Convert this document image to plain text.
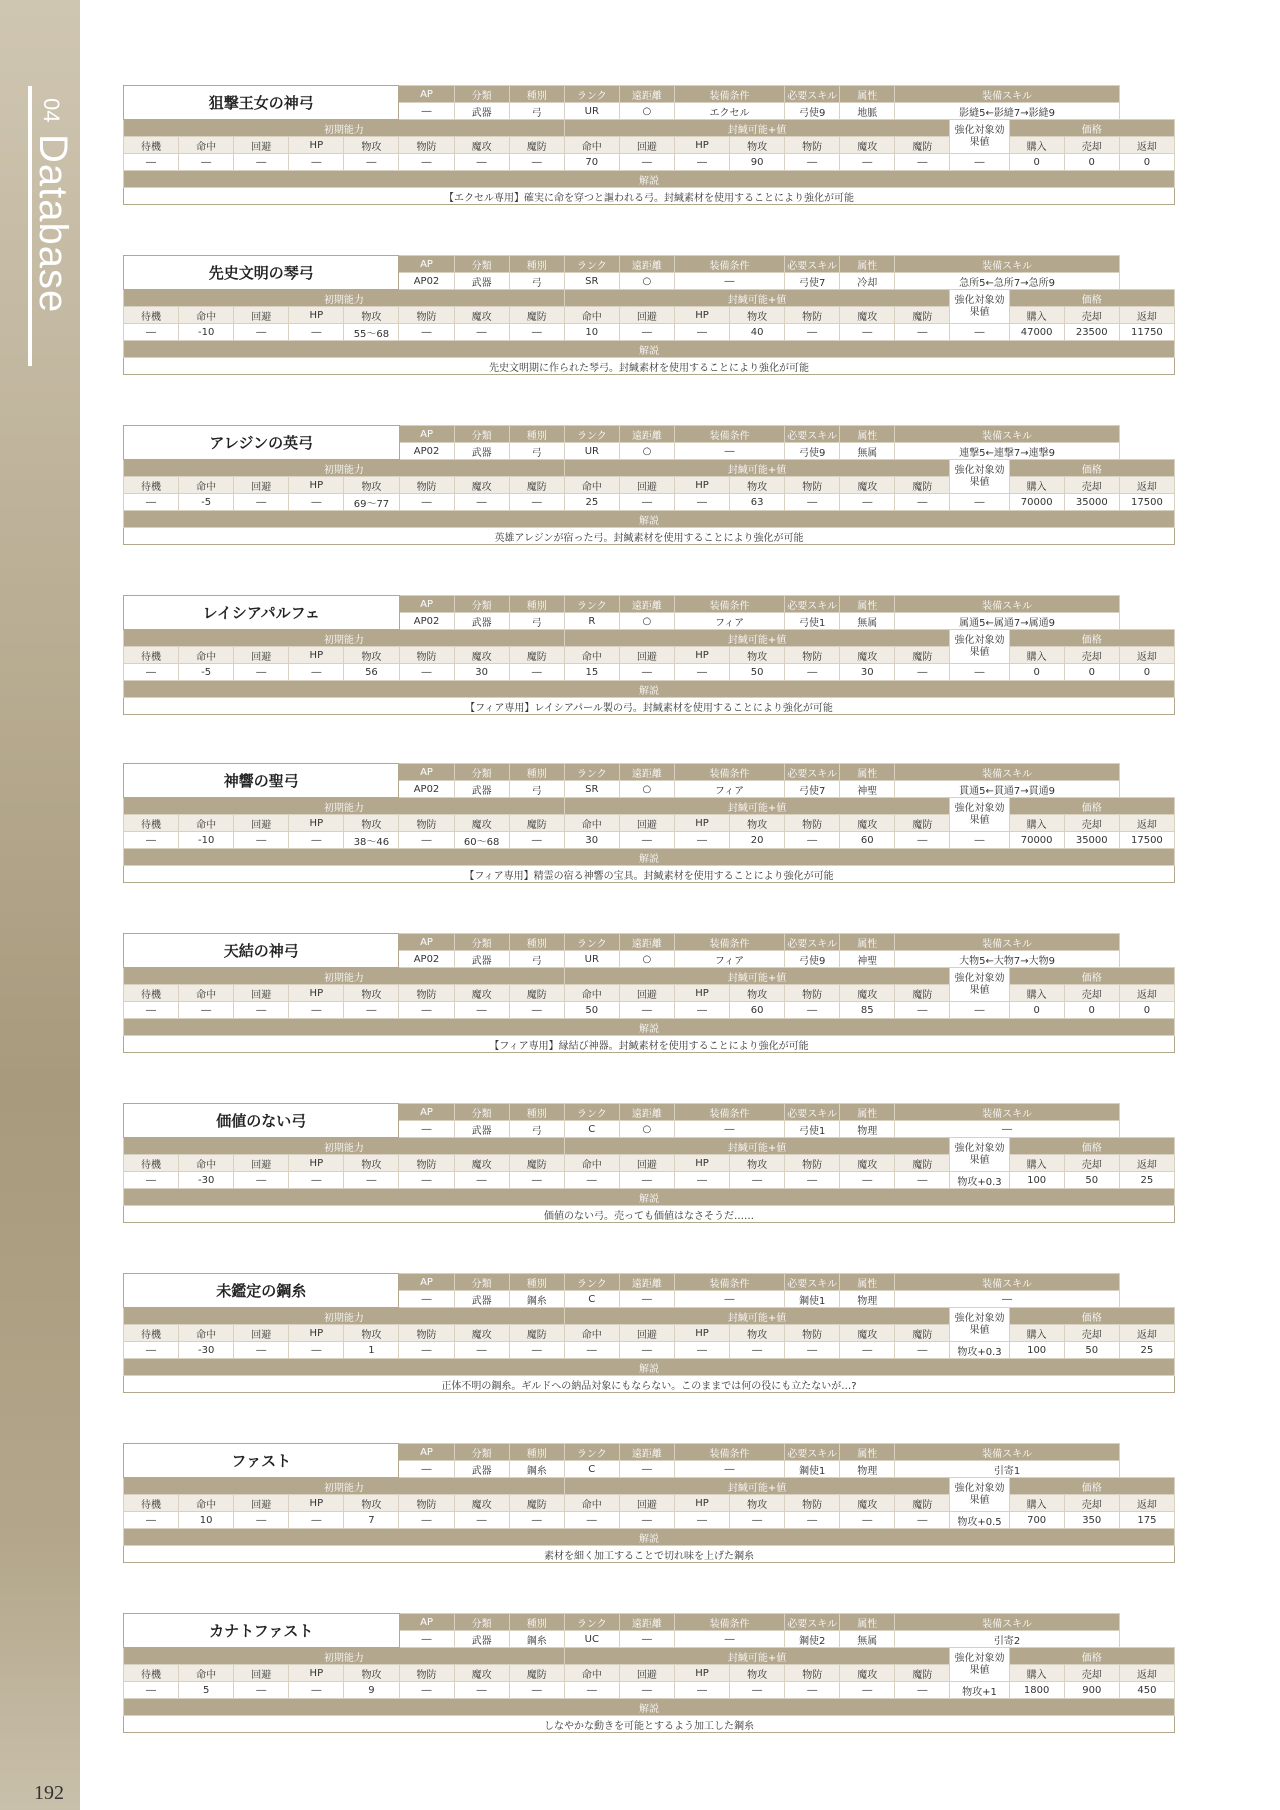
04
Database
狙撃王女の神弓					AP	分類	種別	ランク	遠距離	装備条件		必要スキル	属性	装備スキル				
					―	武器	弓	UR	○	エクセル		弓使9	地脈	影縫5←影縫7→影縫9				
初期能力								封緘可能+値							強化対象効果値	価格		
待機	命中	回避	HP	物攻	物防	魔攻	魔防	命中	回避	HP	物攻	物防	魔攻	魔防		購入	売却	返却
―	―	―	―	―	―	―	―	70	―	―	90	―	―	―	―	0	0	0
解説																		
【エクセル専用】確実に命を穿つと謳われる弓。封緘素材を使用することにより強化が可能																		
先史文明の琴弓					AP	分類	種別	ランク	遠距離	装備条件		必要スキル	属性	装備スキル				
					AP02	武器	弓	SR	○	―		弓使7	冷却	急所5←急所7→急所9				
初期能力								封緘可能+値							強化対象効果値	価格		
待機	命中	回避	HP	物攻	物防	魔攻	魔防	命中	回避	HP	物攻	物防	魔攻	魔防		購入	売却	返却
―	-10	―	―	55～68	―	―	―	10	―	―	40	―	―	―	―	47000	23500	11750
解説																		
先史文明期に作られた琴弓。封緘素材を使用することにより強化が可能																		
アレジンの英弓					AP	分類	種別	ランク	遠距離	装備条件		必要スキル	属性	装備スキル				
					AP02	武器	弓	UR	○	―		弓使9	無属	連撃5←連撃7→連撃9				
初期能力								封緘可能+値							強化対象効果値	価格		
待機	命中	回避	HP	物攻	物防	魔攻	魔防	命中	回避	HP	物攻	物防	魔攻	魔防		購入	売却	返却
―	-5	―	―	69～77	―	―	―	25	―	―	63	―	―	―	―	70000	35000	17500
解説																		
英雄アレジンが宿った弓。封緘素材を使用することにより強化が可能																		
レイシアパルフェ					AP	分類	種別	ランク	遠距離	装備条件		必要スキル	属性	装備スキル				
					AP02	武器	弓	R	○	フィア		弓使1	無属	属通5←属通7→属通9				
初期能力								封緘可能+値							強化対象効果値	価格		
待機	命中	回避	HP	物攻	物防	魔攻	魔防	命中	回避	HP	物攻	物防	魔攻	魔防		購入	売却	返却
―	-5	―	―	56	―	30	―	15	―	―	50	―	30	―	―	0	0	0
解説																		
【フィア専用】レイシアパール製の弓。封緘素材を使用することにより強化が可能																		
神響の聖弓					AP	分類	種別	ランク	遠距離	装備条件		必要スキル	属性	装備スキル				
					AP02	武器	弓	SR	○	フィア		弓使7	神聖	貫通5←貫通7→貫通9				
初期能力								封緘可能+値							強化対象効果値	価格		
待機	命中	回避	HP	物攻	物防	魔攻	魔防	命中	回避	HP	物攻	物防	魔攻	魔防		購入	売却	返却
―	-10	―	―	38～46	―	60～68	―	30	―	―	20	―	60	―	―	70000	35000	17500
解説																		
【フィア専用】精霊の宿る神響の宝具。封緘素材を使用することにより強化が可能																		
天結の神弓					AP	分類	種別	ランク	遠距離	装備条件		必要スキル	属性	装備スキル				
					AP02	武器	弓	UR	○	フィア		弓使9	神聖	大物5←大物7→大物9				
初期能力								封緘可能+値							強化対象効果値	価格		
待機	命中	回避	HP	物攻	物防	魔攻	魔防	命中	回避	HP	物攻	物防	魔攻	魔防		購入	売却	返却
―	―	―	―	―	―	―	―	50	―	―	60	―	85	―	―	0	0	0
解説																		
【フィア専用】縁結び神器。封緘素材を使用することにより強化が可能																		
価値のない弓					AP	分類	種別	ランク	遠距離	装備条件		必要スキル	属性	装備スキル				
					―	武器	弓	C	○	―		弓使1	物理	―				
初期能力								封緘可能+値							強化対象効果値	価格		
待機	命中	回避	HP	物攻	物防	魔攻	魔防	命中	回避	HP	物攻	物防	魔攻	魔防		購入	売却	返却
―	-30	―	―	―	―	―	―	―	―	―	―	―	―	―	物攻+0.3	100	50	25
解説																		
価値のない弓。売っても価値はなさそうだ……																		
未鑑定の鋼糸					AP	分類	種別	ランク	遠距離	装備条件		必要スキル	属性	装備スキル				
					―	武器	鋼糸	C	―	―		鋼使1	物理	―				
初期能力								封緘可能+値							強化対象効果値	価格		
待機	命中	回避	HP	物攻	物防	魔攻	魔防	命中	回避	HP	物攻	物防	魔攻	魔防		購入	売却	返却
―	-30	―	―	1	―	―	―	―	―	―	―	―	―	―	物攻+0.3	100	50	25
解説																		
正体不明の鋼糸。ギルドへの納品対象にもならない。このままでは何の役にも立たないが…?																		
ファスト					AP	分類	種別	ランク	遠距離	装備条件		必要スキル	属性	装備スキル				
					―	武器	鋼糸	C	―	―		鋼使1	物理	引寄1				
初期能力								封緘可能+値							強化対象効果値	価格		
待機	命中	回避	HP	物攻	物防	魔攻	魔防	命中	回避	HP	物攻	物防	魔攻	魔防		購入	売却	返却
―	10	―	―	7	―	―	―	―	―	―	―	―	―	―	物攻+0.5	700	350	175
解説																		
素材を細く加工することで切れ味を上げた鋼糸																		
カナトファスト					AP	分類	種別	ランク	遠距離	装備条件		必要スキル	属性	装備スキル				
					―	武器	鋼糸	UC	―	―		鋼使2	無属	引寄2				
初期能力								封緘可能+値							強化対象効果値	価格		
待機	命中	回避	HP	物攻	物防	魔攻	魔防	命中	回避	HP	物攻	物防	魔攻	魔防		購入	売却	返却
―	5	―	―	9	―	―	―	―	―	―	―	―	―	―	物攻+1	1800	900	450
解説																		
しなやかな動きを可能とするよう加工した鋼糸																		
192
